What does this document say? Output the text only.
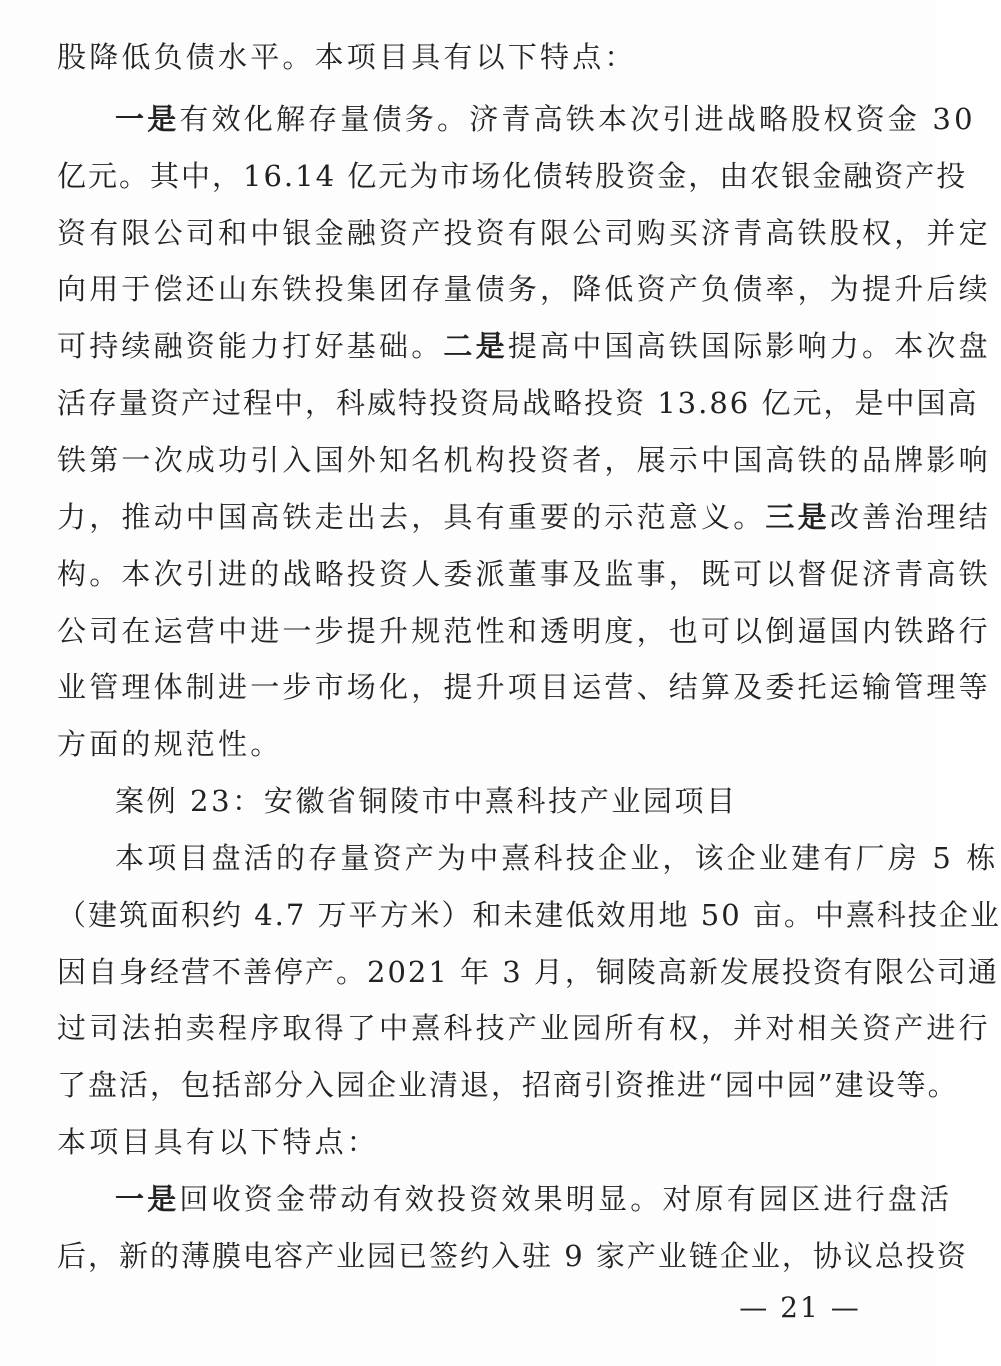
股降低负债水平。本项目具有以下特点：
一是有效化解存量债务。济青高铁本次引进战略股权资金 30
亿元。其中，16.14 亿元为市场化债转股资金，由农银金融资产投
资有限公司和中银金融资产投资有限公司购买济青高铁股权，并定
向用于偿还山东铁投集团存量债务，降低资产负债率，为提升后续
可持续融资能力打好基础。二是提高中国高铁国际影响力。本次盘
活存量资产过程中，科威特投资局战略投资 13.86 亿元，是中国高
铁第一次成功引入国外知名机构投资者，展示中国高铁的品牌影响
力，推动中国高铁走出去，具有重要的示范意义。三是改善治理结
构。本次引进的战略投资人委派董事及监事，既可以督促济青高铁
公司在运营中进一步提升规范性和透明度，也可以倒逼国内铁路行
业管理体制进一步市场化，提升项目运营、结算及委托运输管理等
方面的规范性。
案例 23：安徽省铜陵市中熹科技产业园项目
本项目盘活的存量资产为中熹科技企业，该企业建有厂房 5 栋
（建筑面积约 4.7 万平方米）和未建低效用地 50 亩。中熹科技企业
因自身经营不善停产。2021 年 3 月，铜陵高新发展投资有限公司通
过司法拍卖程序取得了中熹科技产业园所有权，并对相关资产进行
了盘活，包括部分入园企业清退，招商引资推进“园中园”建设等。
本项目具有以下特点：
一是回收资金带动有效投资效果明显。对原有园区进行盘活
后，新的薄膜电容产业园已签约入驻 9 家产业链企业，协议总投资
— 21 —
